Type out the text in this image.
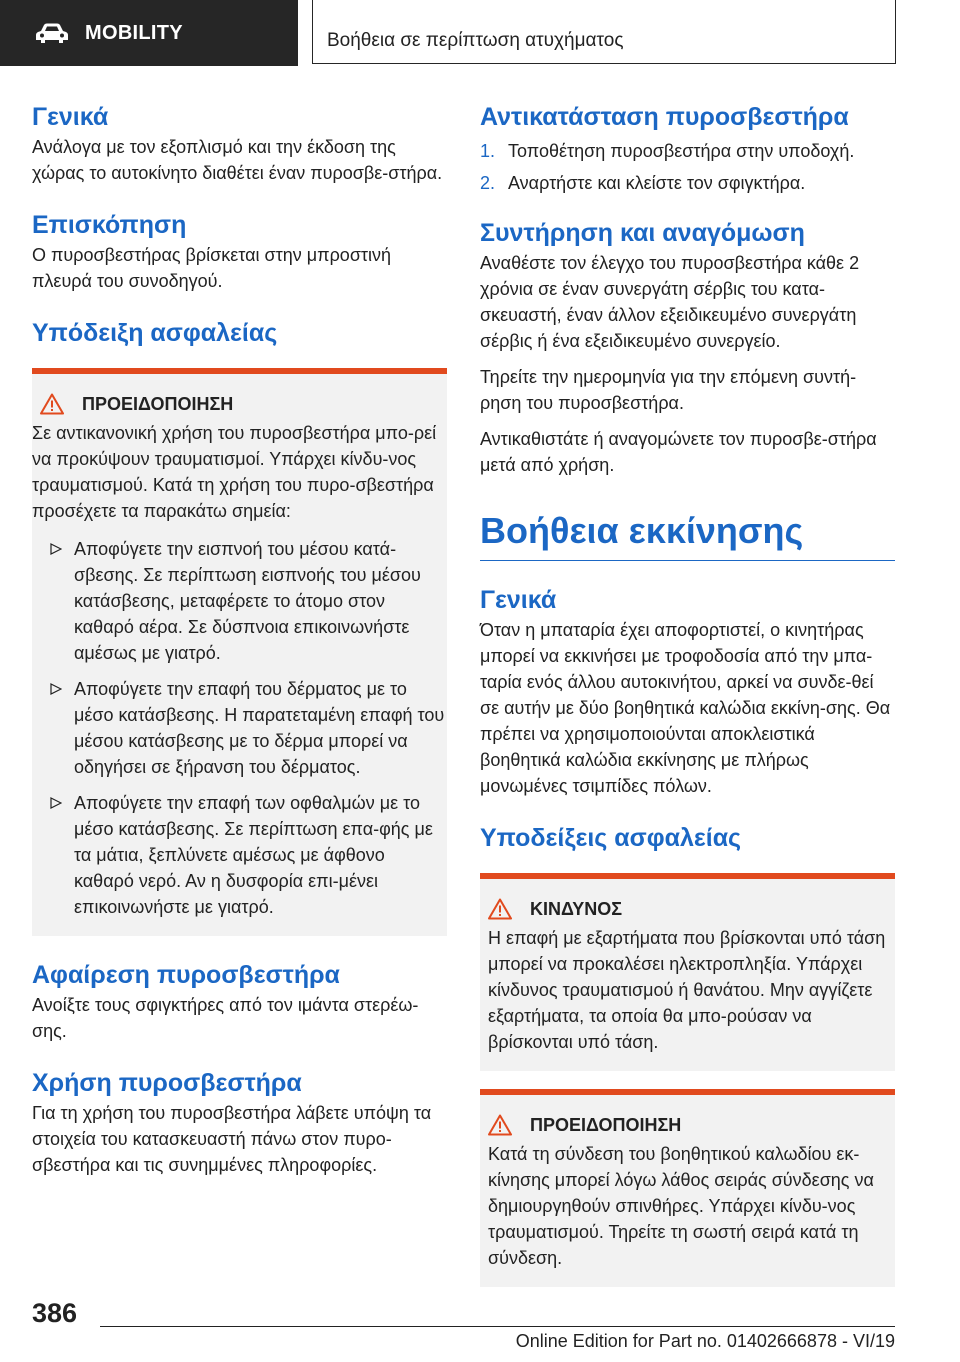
MOBILITY	Βοήθεια σε περίπτωση ατυχήματος
Γενικά

Ανάλογα με τον εξοπλισμό και την έκδοση της χώρας το αυτοκίνητο διαθέτει έναν πυροσβε-στήρα.

Επισκόπηση

Ο πυροσβεστήρας βρίσκεται στην μπροστινή πλευρά του συνοδηγού.

Υπόδειξη ασφαλείας
ΠΡΟΕΙΔΟΠΟΙΗΣΗ
Σε αντικανονική χρήση του πυροσβεστήρα μπο-ρεί να προκύψουν τραυματισμοί. Υπάρχει κίνδυ-νος τραυματισμού. Κατά τη χρήση του πυρο-σβεστήρα προσέχετε τα παρακάτω σημεία:

Αποφύγετε την εισπνοή του μέσου κατά-σβεσης. Σε περίπτωση εισπνοής του μέσου κατάσβεσης, μεταφέρετε το άτομο στον καθαρό αέρα. Σε δύσπνοια επικοινωνήστε αμέσως με γιατρό.

Αποφύγετε την επαφή του δέρματος με το μέσο κατάσβεσης. Η παρατεταμένη επαφή του μέσου κατάσβεσης με το δέρμα μπορεί να οδηγήσει σε ξήρανση του δέρματος.

Αποφύγετε την επαφή των οφθαλμών με το μέσο κατάσβεσης. Σε περίπτωση επα-φής με τα μάτια, ξεπλύνετε αμέσως με άφθονο καθαρό νερό. Αν η δυσφορία επι-μένει επικοινωνήστε με γιατρό.

Αφαίρεση πυροσβεστήρα

Ανοίξτε τους σφιγκτήρες από τον ιμάντα στερέω-σης.

Χρήση πυροσβεστήρα

Για τη χρήση του πυροσβεστήρα λάβετε υπόψη τα στοιχεία του κατασκευαστή πάνω στον πυρο-σβεστήρα και τις συνημμένες πληροφορίες.

Αντικατάσταση πυροσβεστήρα
1. Τοποθέτηση πυροσβεστήρα στην υποδοχή.
2. Αναρτήστε και κλείστε τον σφιγκτήρα.
Συντήρηση και αναγόμωση

Αναθέστε τον έλεγχο του πυροσβεστήρα κάθε 2 χρόνια σε έναν συνεργάτη σέρβις του κατα-σκευαστή, έναν άλλον εξειδικευμένο συνεργάτη σέρβις ή ένα εξειδικευμένο συνεργείο.

Τηρείτε την ημερομηνία για την επόμενη συντή-ρηση του πυροσβεστήρα.

Αντικαθιστάτε ή αναγομώνετε τον πυροσβε-στήρα μετά από χρήση.

Βοήθεια εκκίνησης
Γενικά

Όταν η μπαταρία έχει αποφορτιστεί, ο κινητήρας μπορεί να εκκινήσει με τροφοδοσία από την μπα-ταρία ενός άλλου αυτοκινήτου, αρκεί να συνδε-θεί σε αυτήν με δύο βοηθητικά καλώδια εκκίνη-σης. Θα πρέπει να χρησιμοποιούνται αποκλειστικά βοηθητικά καλώδια εκκίνησης με πλήρως μονωμένες τσιμπίδες πόλων.

Υποδείξεις ασφαλείας
ΚΙΝΔΥΝΟΣ
Η επαφή με εξαρτήματα που βρίσκονται υπό τάση μπορεί να προκαλέσει ηλεκτροπληξία. Υπάρχει κίνδυνος τραυματισμού ή θανάτου. Μην αγγίζετε εξαρτήματα, τα οποία θα μπο-ρούσαν να βρίσκονται υπό τάση.
ΠΡΟΕΙΔΟΠΟΙΗΣΗ
Κατά τη σύνδεση του βοηθητικού καλωδίου εκ-κίνησης μπορεί λόγω λάθος σειράς σύνδεσης να δημιουργηθούν σπινθήρες. Υπάρχει κίνδυ-νος τραυματισμού. Τηρείτε τη σωστή σειρά κατά τη σύνδεση.
386
Online Edition for Part no. 01402666878 - VI/19
